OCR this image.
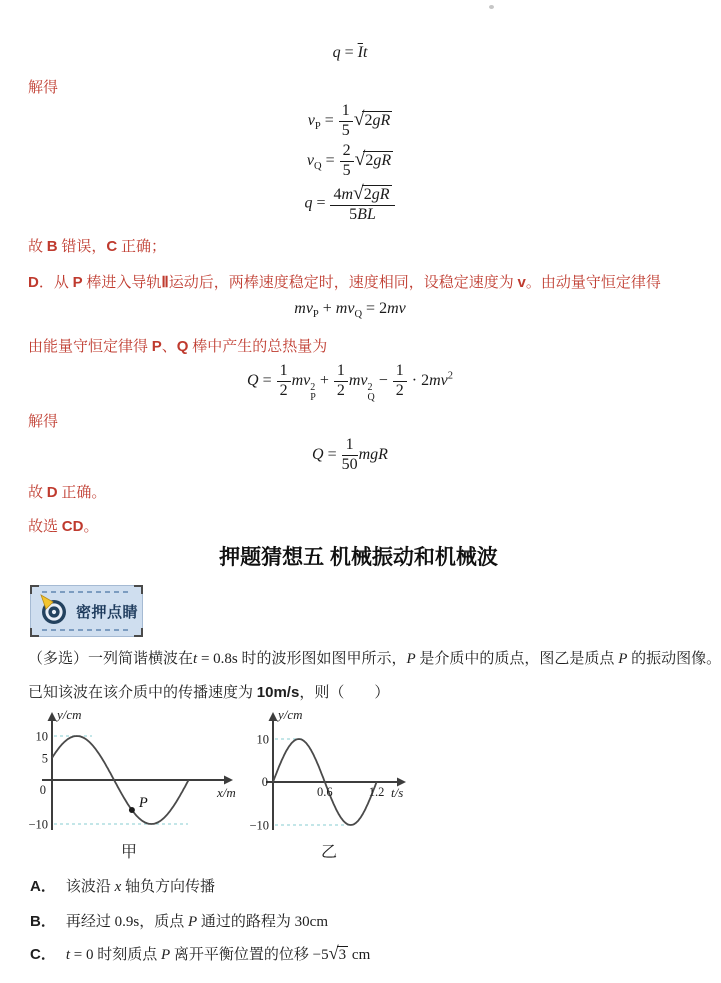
$q = \overline{I}t$
解得
$v_P = \frac{1}{5} √2gR$
$v_Q = \frac{2}{5} √2gR$
$q = \frac{4m√2gR}{5BL}$
故 B 错误，C 正确；
D．从 P 棒进入导轨Ⅱ运动后，两棒速度稳定时，速度相同，设稳定速度为 v。由动量守恒定律得
$mv_P + mv_Q = 2mv$
由能量守恒定律得 P、Q 棒中产生的总热量为
$Q = \frac{1}{2}$ mv 2
P
+ $\frac{1}{2}$ mv 2
Q
− $\frac{1}{2} \cdot 2mv^2$
解得
$Q = \frac{1}{50}$ mgR
故 D 正确。
故选 CD。
押题猜想五 机械振动和机械波
密押点睛
（多选）一列简谐横波在t = 0.8s 时的波形图如图甲所示，P 是介质中的质点，图乙是质点 P 的振动图像。
已知该波在该介质中的传播速度为 10m/s，则（　　）
P
10
5
0
−10
y/cm
x/m
甲
10
0
−10
0.6	1.2
y/cm
t/s
乙
A． 该波沿 x 轴负方向传播
B． 再经过 0.9s，质点 P 通过的路程为 30cm
C． t = 0 时刻质点 P 离开平衡位置的位移 −5√3 cm
